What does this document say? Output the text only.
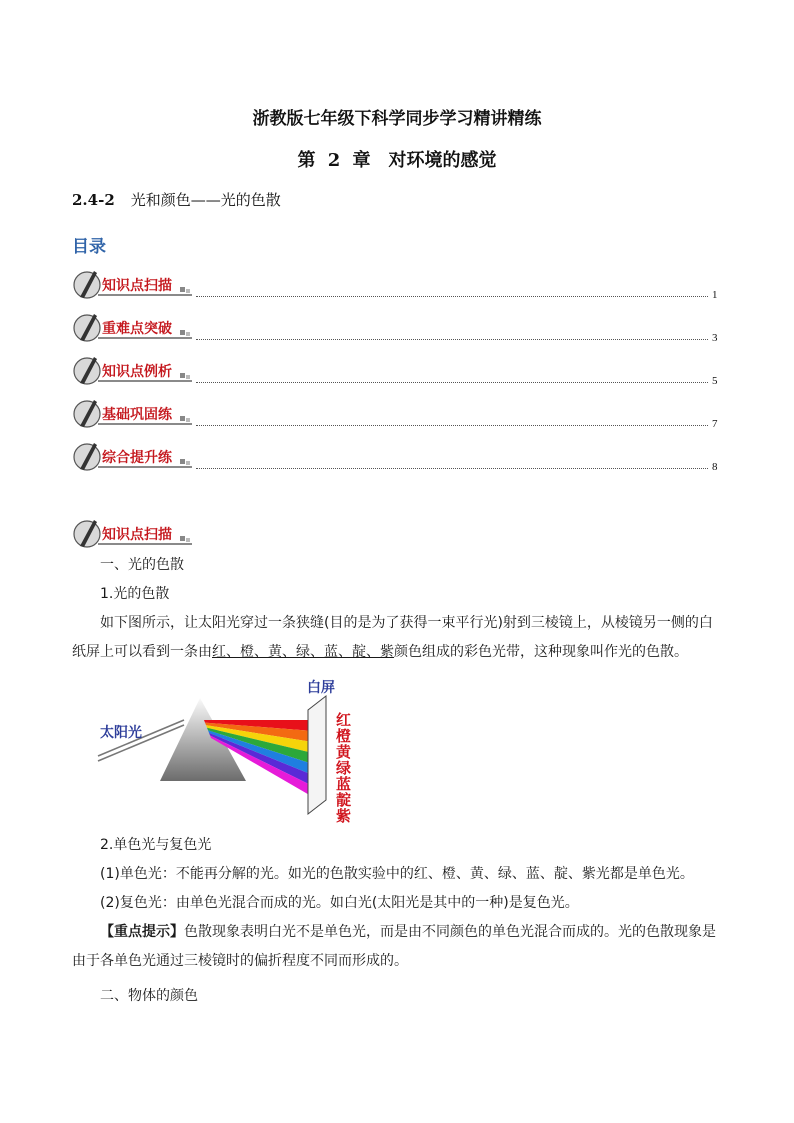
浙教版七年级下科学同步学习精讲精练
第 2 章　对环境的感觉
2.4-2 光和颜色——光的色散
目录
知识点扫描
1
重难点突破
3
知识点例析
5
基础巩固练
7
综合提升练
8
知识点扫描
一、光的色散
1.光的色散
如下图所示，让太阳光穿过一条狭缝(目的是为了获得一束平行光)射到三棱镜上，从棱镜另一侧的白纸屏上可以看到一条由红、橙、黄、绿、蓝、靛、紫颜色组成的彩色光带，这种现象叫作光的色散。
太阳光
白屏
红
橙
黄
绿
蓝
靛
紫
2.单色光与复色光
(1)单色光：不能再分解的光。如光的色散实验中的红、橙、黄、绿、蓝、靛、紫光都是单色光。
(2)复色光：由单色光混合而成的光。如白光(太阳光是其中的一种)是复色光。
【重点提示】色散现象表明白光不是单色光，而是由不同颜色的单色光混合而成的。光的色散现象是由于各单色光通过三棱镜时的偏折程度不同而形成的。
二、物体的颜色
